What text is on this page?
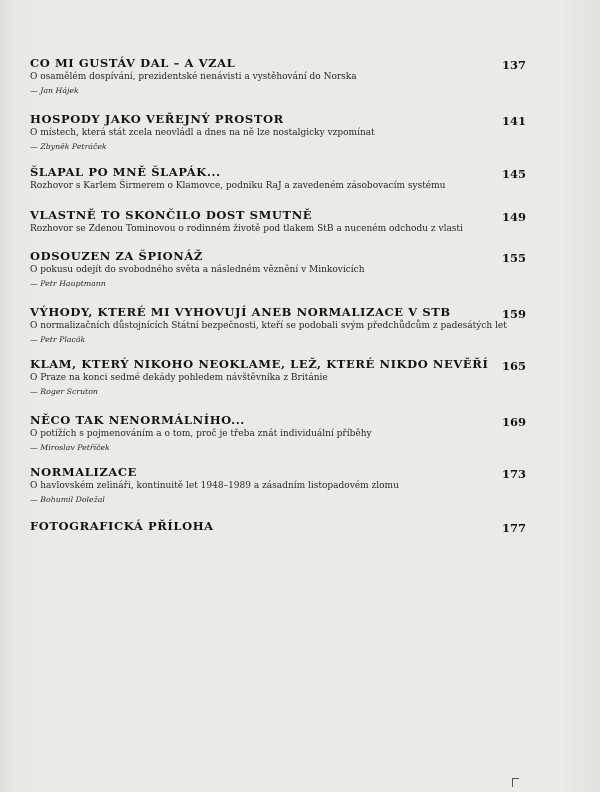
CO MI GUSTÁV DAL – A VZAL	137
O osamělém dospívání, prezidentské nenávisti a vystěhování do Norska
— Jan Hájek
HOSPODY JAKO VEŘEJNÝ PROSTOR	141
O místech, která stát zcela neovládl a dnes na ně lze nostalgicky vzpomínat
— Zbyněk Petráček
ŠLAPAL PO MNĚ ŠLAPÁK...	145
Rozhovor s Karlem Širmerem o Klamovce, podniku RaJ a zavedeném zásobovacím systému
VLASTNĚ TO SKONČILO DOST SMUTNĚ	149
Rozhovor se Zdenou Tominovou o rodinném životě pod tlakem StB a nuceném odchodu z vlasti
ODSOUZEN ZA ŠPIONÁŽ	155
O pokusu odejít do svobodného světa a následném věznění v Minkovicích
— Petr Hauptmann
VÝHODY, KTERÉ MI VYHOVUJÍ ANEB NORMALIZACE V STB	159
O normalizačních důstojnících Státní bezpečnosti, kteří se podobali svým předchůdcům z padesátých let
— Petr Placák
KLAM, KTERÝ NIKOHO NEOKLAME, LEŽ, KTERÉ NIKDO NEVĚŘÍ	165
O Praze na konci sedmé dekády pohledem návštěvníka z Británie
— Roger Scruton
NĚCO TAK NENORMÁLNÍHO...	169
O potížích s pojmenováním a o tom, proč je třeba znát individuální příběhy
— Miroslav Petříček
NORMALIZACE	173
O havlovském zelináři, kontinuitě let 1948–1989 a zásadním listopadovém zlomu
— Bohumil Doležal
FOTOGRAFICKÁ PŘÍLOHA	177
